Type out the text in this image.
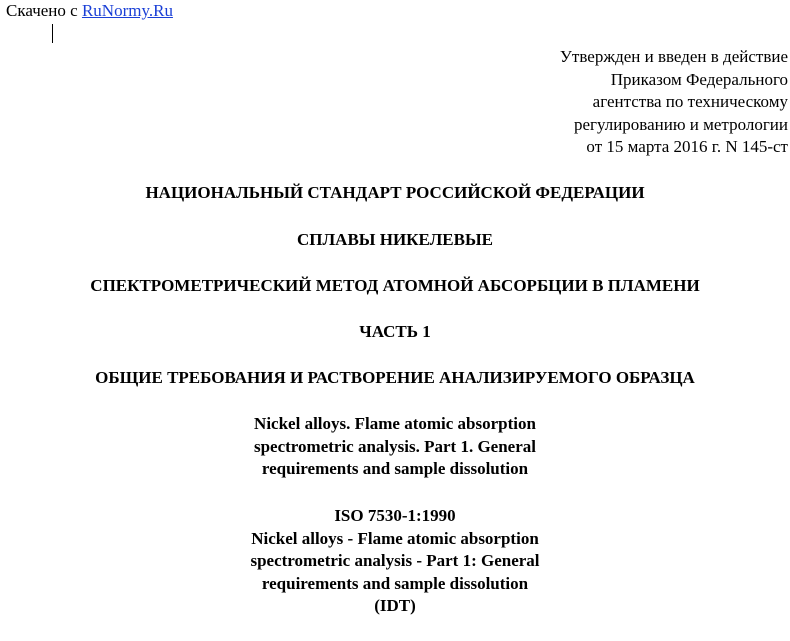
Скачено с RuNormy.Ru
Утвержден и введен в действие
Приказом Федерального
агентства по техническому
регулированию и метрологии
от 15 марта 2016 г. N 145-ст
НАЦИОНАЛЬНЫЙ СТАНДАРТ РОССИЙСКОЙ ФЕДЕРАЦИИ
СПЛАВЫ НИКЕЛЕВЫЕ
СПЕКТРОМЕТРИЧЕСКИЙ МЕТОД АТОМНОЙ АБСОРБЦИИ В ПЛАМЕНИ
ЧАСТЬ 1
ОБЩИЕ ТРЕБОВАНИЯ И РАСТВОРЕНИЕ АНАЛИЗИРУЕМОГО ОБРАЗЦА
Nickel alloys. Flame atomic absorption
spectrometric analysis. Part 1. General
requirements and sample dissolution
ISO 7530-1:1990
Nickel alloys - Flame atomic absorption
spectrometric analysis - Part 1: General
requirements and sample dissolution
(IDT)
